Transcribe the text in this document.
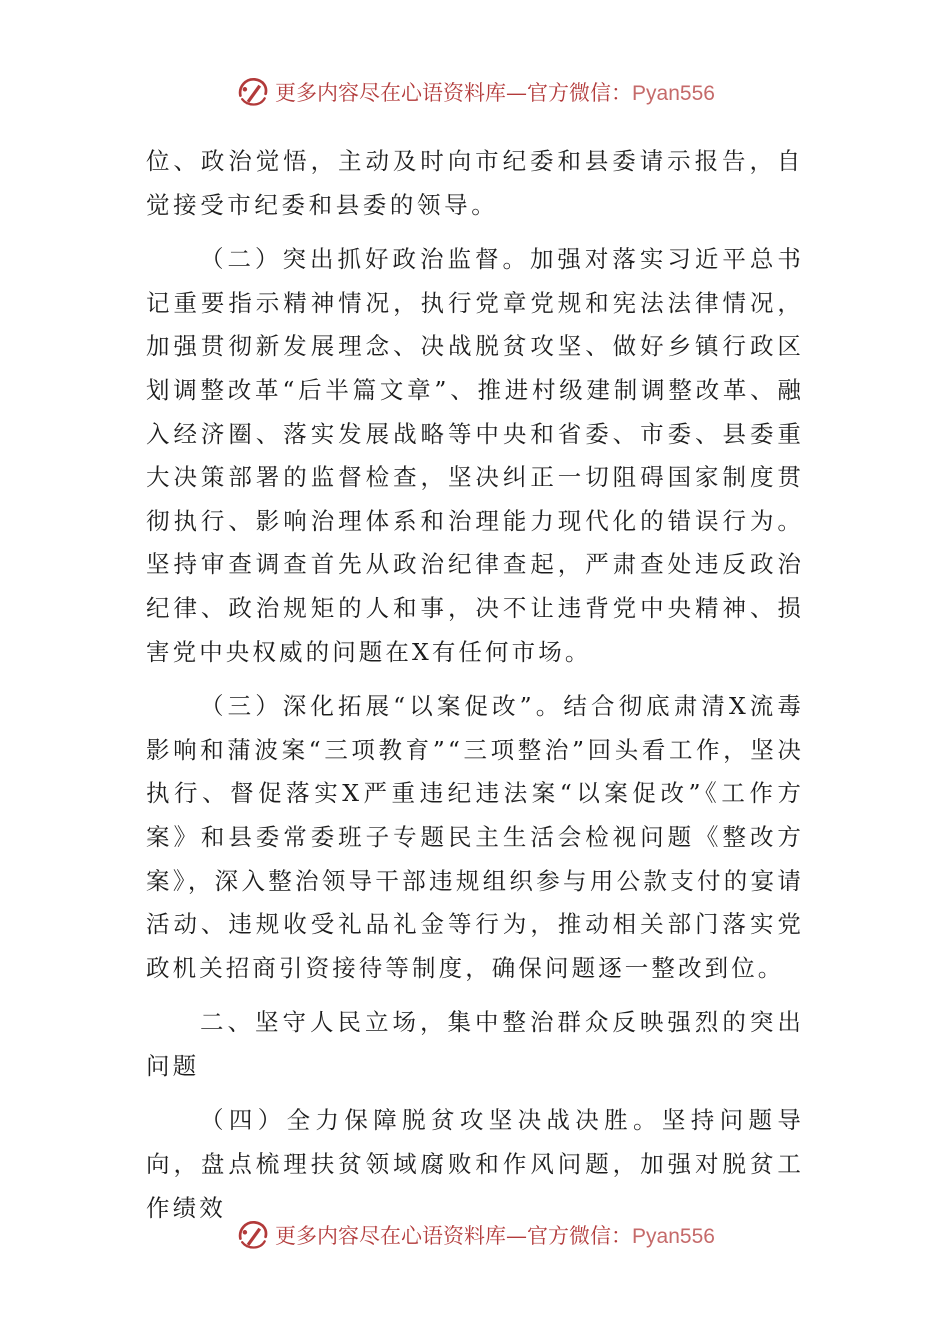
更多内容尽在心语资料库—官方微信：Pyan556

位、政治觉悟，主动及时向市纪委和县委请示报告，自觉接受市纪委和县委的领导。

（二）突出抓好政治监督。加强对落实习近平总书记重要指示精神情况，执行党章党规和宪法法律情况，加强贯彻新发展理念、决战脱贫攻坚、做好乡镇行政区划调整改革“后半篇文章”、推进村级建制调整改革、融入经济圈、落实发展战略等中央和省委、市委、县委重大决策部署的监督检查，坚决纠正一切阻碍国家制度贯彻执行、影响治理体系和治理能力现代化的错误行为。坚持审查调查首先从政治纪律查起，严肃查处违反政治纪律、政治规矩的人和事，决不让违背党中央精神、损害党中央权威的问题在X有任何市场。

（三）深化拓展“以案促改”。结合彻底肃清X流毒影响和蒲波案“三项教育”“三项整治”回头看工作，坚决执行、督促落实X严重违纪违法案“以案促改”《工作方案》和县委常委班子专题民主生活会检视问题《整改方案》，深入整治领导干部违规组织参与用公款支付的宴请活动、违规收受礼品礼金等行为，推动相关部门落实党政机关招商引资接待等制度，确保问题逐一整改到位。

二、坚守人民立场，集中整治群众反映强烈的突出问题

（四）全力保障脱贫攻坚决战决胜。坚持问题导向，盘点梳理扶贫领域腐败和作风问题，加强对脱贫工作绩效

更多内容尽在心语资料库—官方微信：Pyan556
